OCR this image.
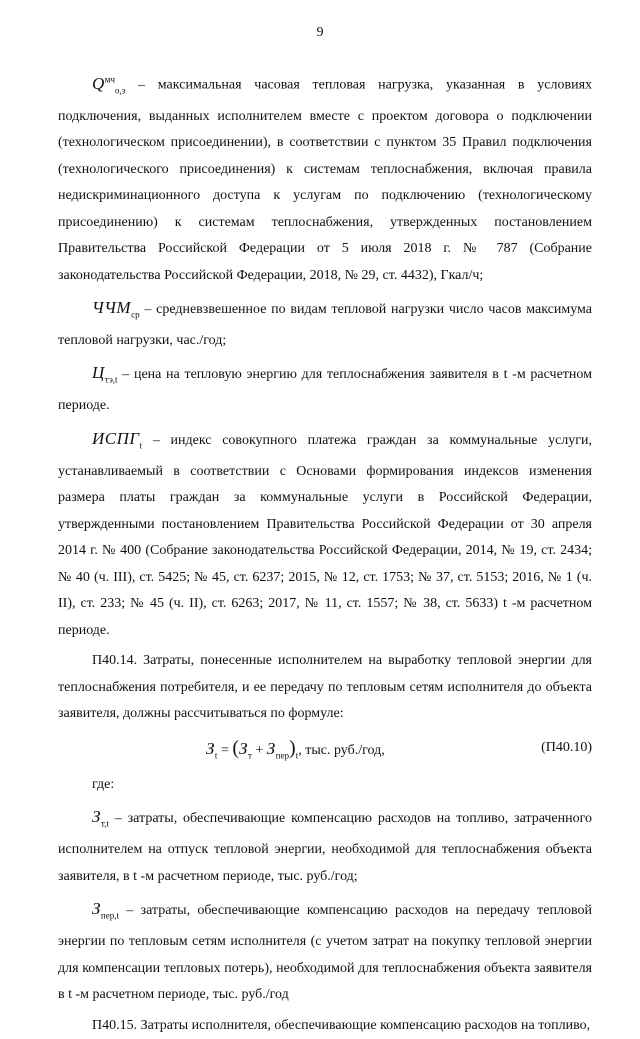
9

$Q^{мч}_{о,з}$ – максимальная часовая тепловая нагрузка, указанная в условиях подключения, выданных исполнителем вместе с проектом договора о подключении (технологическом присоединении), в соответствии с пунктом 35 Правил подключения (технологического присоединения) к системам теплоснабжения, включая правила недискриминационного доступа к услугам по подключению (технологическому присоединению) к системам теплоснабжения, утвержденных постановлением Правительства Российской Федерации от 5 июля 2018 г. № 787 (Собрание законодательства Российской Федерации, 2018, № 29, ст. 4432), Гкал/ч;

$ЧЧМ_{ср}$ – средневзвешенное по видам тепловой нагрузки число часов максимума тепловой нагрузки, час./год;

$Ц_{тэ,t}$ – цена на тепловую энергию для теплоснабжения заявителя в t -м расчетном периоде.

$ИСПГ_t$ – индекс совокупного платежа граждан за коммунальные услуги, устанавливаемый в соответствии с Основами формирования индексов изменения размера платы граждан за коммунальные услуги в Российской Федерации, утвержденными постановлением Правительства Российской Федерации от 30 апреля 2014 г. № 400 (Собрание законодательства Российской Федерации, 2014, № 19, ст. 2434; № 40 (ч. III), ст. 5425; № 45, ст. 6237; 2015, № 12, ст. 1753; № 37, ст. 5153; 2016, № 1 (ч. II), ст. 233; № 45 (ч. II), ст. 6263; 2017, № 11, ст. 1557; № 38, ст. 5633) t -м расчетном периоде.

П40.14. Затраты, понесенные исполнителем на выработку тепловой энергии для теплоснабжения потребителя, и ее передачу по тепловым сетям исполнителя до объекта заявителя, должны рассчитываться по формуле:

$З_t = (З_т + З_{пер})_t$, тыс. руб./год,	(П40.10)

где:

$З_{т,t}$ – затраты, обеспечивающие компенсацию расходов на топливо, затраченного исполнителем на отпуск тепловой энергии, необходимой для теплоснабжения объекта заявителя, в t -м расчетном периоде, тыс. руб./год;

$З_{пер,t}$ – затраты, обеспечивающие компенсацию расходов на передачу тепловой энергии по тепловым сетям исполнителя (с учетом затрат на покупку тепловой энергии для компенсации тепловых потерь), необходимой для теплоснабжения объекта заявителя в t -м расчетном периоде, тыс. руб./год

П40.15. Затраты исполнителя, обеспечивающие компенсацию расходов на топливо,
